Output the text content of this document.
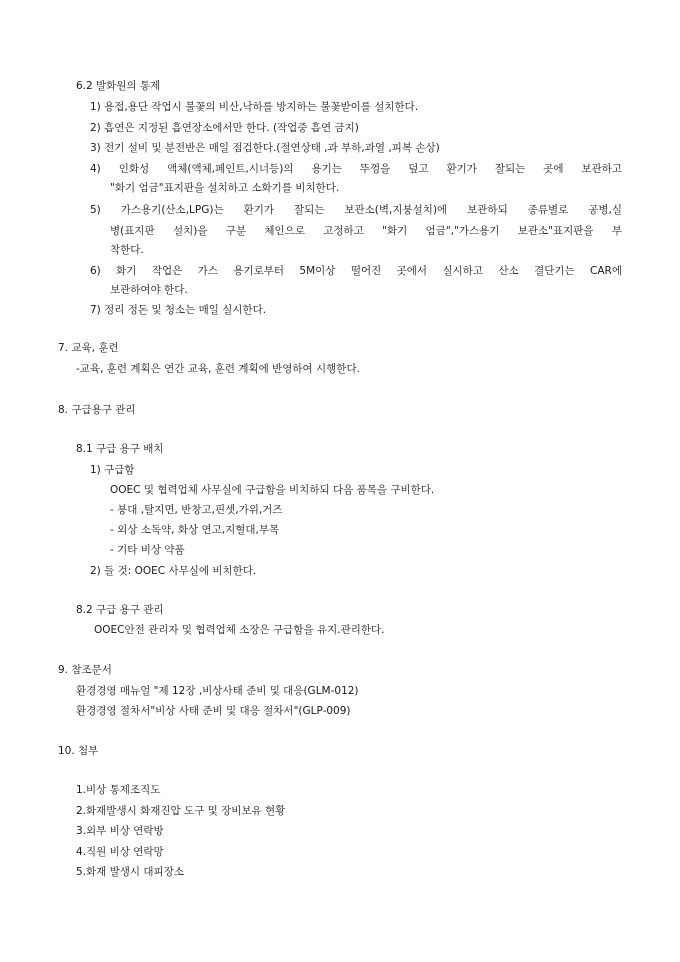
6.2 발화원의 통제
1) 용접,용단 작업시 불꽃의 비산,낙하를 방지하는 불꽃받이를 설치한다.
2) 흡연은 지정된 흡연장소에서만 한다. (작업중 흡연 금지)
3) 전기 설비 및 분전반은 매일 점검한다.(절연상태 ,과 부하,과열 ,피복 손상)
4) 인화성 액체(액체,페인트,시너등)의 용기는 뚜껑을 덮고 환기가 잘되는 곳에 보관하고
"화기 엄금"표지판을 설치하고 소화기를 비치한다.
5) 가스용기(산소,LPG)는 환기가 잘되는 보관소(벽,지붕설치)에 보관하되 종류별로 공병,실
병(표지판 설치)을 구분 체인으로 고정하고 "화기 엄금","가스용기 보관소"표지판을 부
착한다.
6) 화기 작업은 가스 용기로부터 5M이상 떨어진 곳에서 실시하고 산소 결단기는 CAR에
보관하여야 한다.
7) 정리 정돈 및 청소는 매일 실시한다.
7. 교육, 훈련
-교육, 훈련 계획은 연간 교육, 훈련 계획에 반영하여 시행한다.
8. 구급용구 관리
8.1 구급 용구 배치
1) 구급함
OOEC 및 협력업체 사무실에 구급함을 비치하되 다음 품목을 구비한다.
- 붕대 ,탈지면, 반창고,핀셋,가위,거즈
- 외상 소독약, 화상 연고,지혈대,부목
- 기타 비상 약품
2) 들 것: OOEC 사무실에 비치한다.
8.2 구급 용구 관리
OOEC안전 관리자 및 협력업체 소장은 구급함을 유지.관리한다.
9. 참조문서
환경경영 매뉴얼 "제 12장 ,비상사태 준비 및 대응(GLM-012)
환경경영 절차서"비상 사태 준비 및 대응 절차서"(GLP-009)
10. 첨부
1.비상 통제조직도
2.화재발생시 화재진압 도구 및 장비보유 현황
3.외부 비상 연락방
4.직원 비상 연락망
5.화재 발생시 대피장소
